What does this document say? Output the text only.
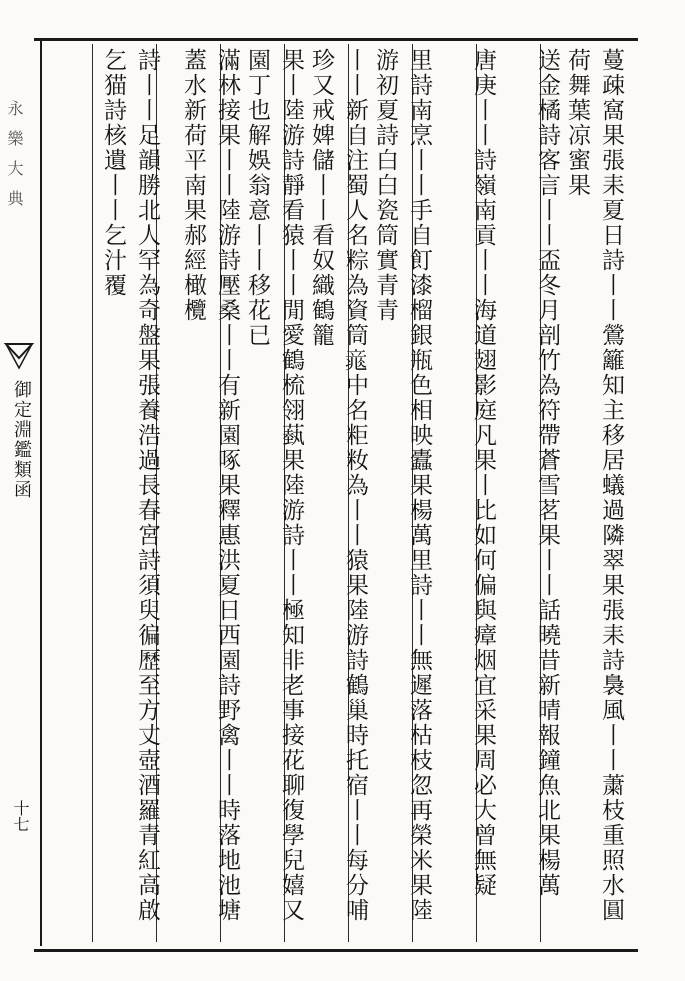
永樂大典
御定淵鑑類函
十七	蔓疎窩果張耒夏日詩丨丨鶯籬知主移居蟻過隣翠果張耒詩裊風丨丨䔥枝重照水圓荷舞葉凉蜜果
送金橘詩客言丨丨盃冬月剖竹為符帶蒼雪茗果丨丨話曉昔新晴報鐘魚北果楊萬
唐庚丨丨詩嶺南貢丨丨海道翅影庭凡果丨比如何偏與瘴烟宜采果周必大曾無疑
里詩南烹丨丨手自飣漆榴銀瓶色相映蠹果楊萬里詩丨丨無遲落枯枝忽再榮米果陸游初夏詩白白瓷筒實青青
丨丨新自注蜀人名粽為資筒𥪐中名粔籹為丨丨猿果陸游詩鶴巢時托宿丨丨每分哺珍又戒婢儲丨丨看奴織鶴籠
果丨陸游詩靜看猿丨丨閒愛鶴梳翎蓺果陸游詩丨丨極知非老事接花聊復學兒嬉又園丁也解娛翁意丨丨移花已
滿林接果丨丨陸游詩壓桑丨丨有新園啄果釋惠洪夏日西園詩野禽丨丨時落地池塘蓋水新荷平南果郝經橄欖
詩丨丨足韻勝北人罕為奇盤果張養浩過長春宮詩須臾徧歷至方丈壺酒羅青紅高啟乞猫詩核遺丨丨乞汁覆
